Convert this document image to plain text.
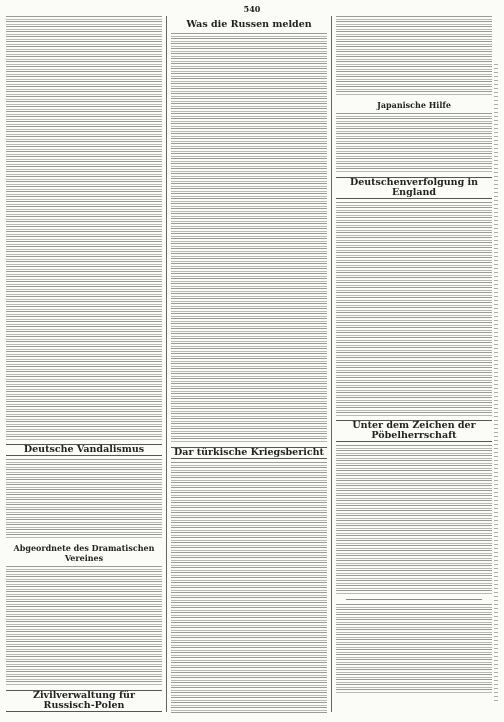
540
Deutsche Vandalismus
Abgeordnete des Dramatischen Vereines
Zivilverwaltung für Russisch-Polen
Was die Russen melden
Dar türkische Kriegsbericht
Japanische Hilfe
Deutschenverfolgung in England
Unter dem Zeichen der Pöbelherrschaft
